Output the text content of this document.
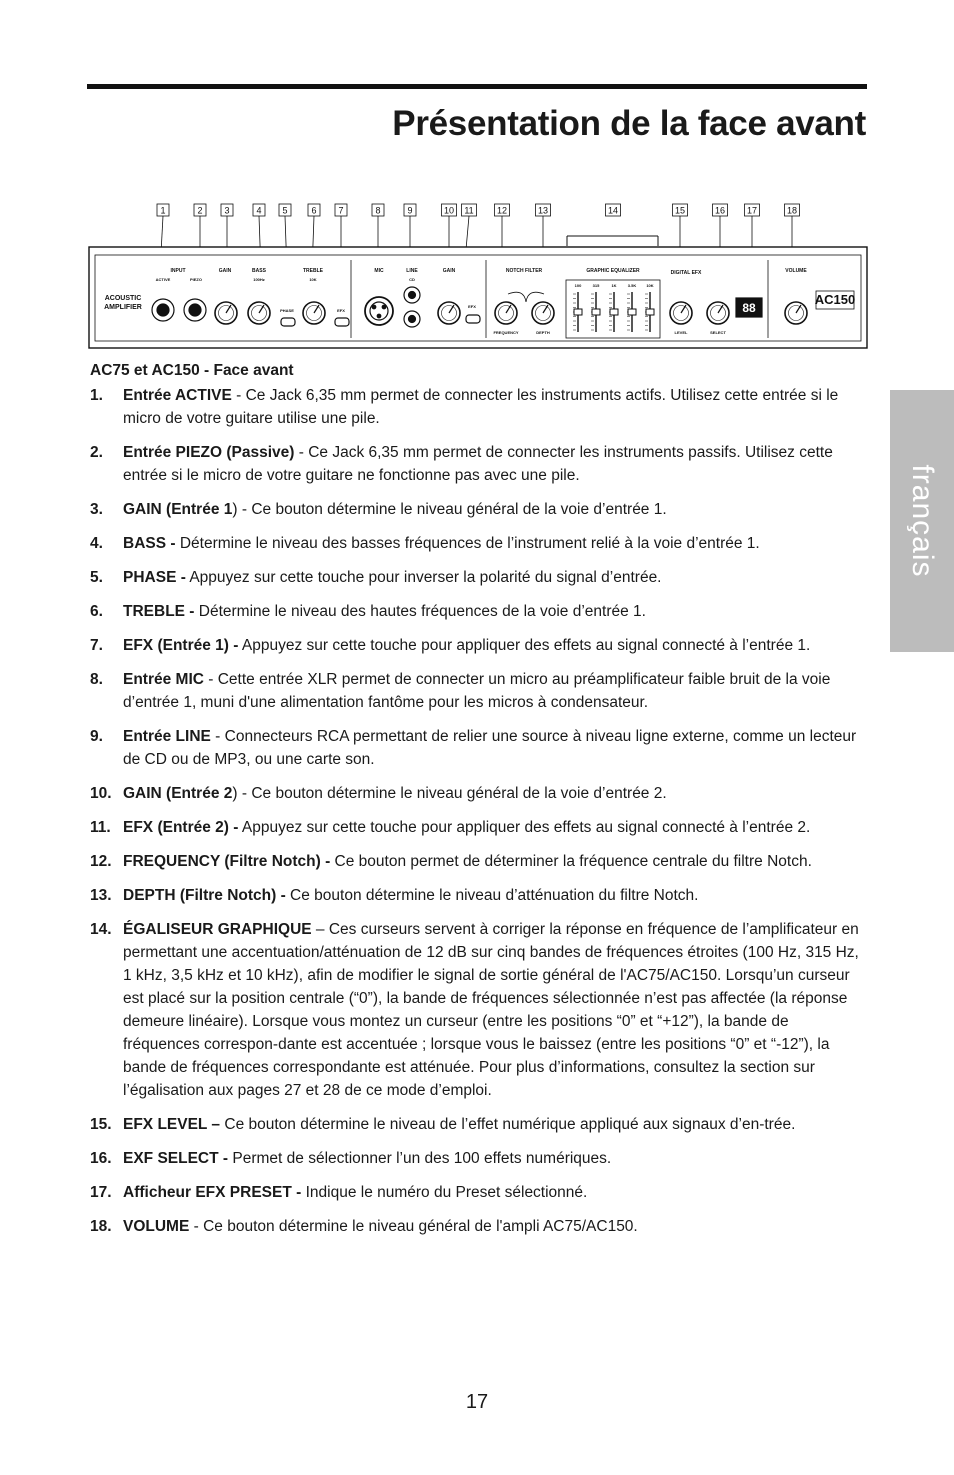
Présentation de la face avant
1	2 3	4 5	6 7	8	9	10 11	12	13	14	15	16 17	18
INPUT
ACTIVE	PIEZO
GAIN	BASS
100Hz
TREBLE
10K
PHASE	EFX
MIC	LINE
CD
GAIN
EFX
NOTCH FILTER
FREQUENCY	DEPTH
GRAPHIC EQUALIZER	DIGITAL EFX
LEVEL	SELECT
VOLUME
ACOUSTIC
AMPLIFIER
AC150
100	315	1K	3.5K	10K
88
français
AC75 et AC150 - Face avant
1. Entrée ACTIVE - Ce Jack 6,35 mm permet de connecter les instruments actifs. Utilisez cette entrée si le micro de votre guitare utilise une pile.
2. Entrée PIEZO (Passive) - Ce Jack 6,35 mm permet de connecter les instruments passifs. Utilisez cette entrée si le micro de votre guitare ne fonctionne pas avec une pile.
3. GAIN (Entrée 1) - Ce bouton détermine le niveau général de la voie d’entrée 1.
4. BASS - Détermine le niveau des basses fréquences de l’instrument relié à la voie d’entrée 1.
5. PHASE - Appuyez sur cette touche pour inverser la polarité du signal d’entrée.
6. TREBLE - Détermine le niveau des hautes fréquences de la voie d’entrée 1.
7. EFX (Entrée 1) - Appuyez sur cette touche pour appliquer des effets au signal connecté à l’entrée 1.
8. Entrée MIC - Cette entrée XLR permet de connecter un micro au préamplificateur faible bruit de la voie d’entrée 1, muni d'une alimentation fantôme pour les micros à condensateur.
9. Entrée LINE - Connecteurs RCA permettant de relier une source à niveau ligne externe, comme un lecteur de CD ou de MP3, ou une carte son.
10. GAIN (Entrée 2) - Ce bouton détermine le niveau général de la voie d’entrée 2.
11. EFX (Entrée 2) - Appuyez sur cette touche pour appliquer des effets au signal connecté à l’entrée 2.
12. FREQUENCY (Filtre Notch) - Ce bouton permet de déterminer la fréquence centrale du filtre Notch.
13. DEPTH (Filtre Notch) - Ce bouton détermine le niveau d’atténuation du filtre Notch.
14. ÉGALISEUR GRAPHIQUE – Ces curseurs servent à corriger la réponse en fréquence de l’amplificateur en permettant une accentuation/atténuation de 12 dB sur cinq bandes de fréquences étroites (100 Hz, 315 Hz, 1 kHz, 3,5 kHz et 10 kHz), afin de modifier le signal de sortie général de l'AC75/AC150. Lorsqu’un curseur est placé sur la position centrale (“0”), la bande de fréquences sélectionnée n’est pas affectée (la réponse demeure linéaire). Lorsque vous montez un curseur (entre les positions “0” et “+12”), la bande de fréquences correspon-dante est accentuée ; lorsque vous le baissez (entre les positions “0” et “-12”), la bande de fréquences correspondante est atténuée. Pour plus d’informations, consultez la section sur l’égalisation aux pages 27 et 28 de ce mode d’emploi.
15. EFX LEVEL – Ce bouton détermine le niveau de l’effet numérique appliqué aux signaux d’en-trée.
16. EXF SELECT - Permet de sélectionner l’un des 100 effets numériques.
17. Afficheur EFX PRESET - Indique le numéro du Preset sélectionné.
18. VOLUME - Ce bouton détermine le niveau général de l'ampli AC75/AC150.
17
